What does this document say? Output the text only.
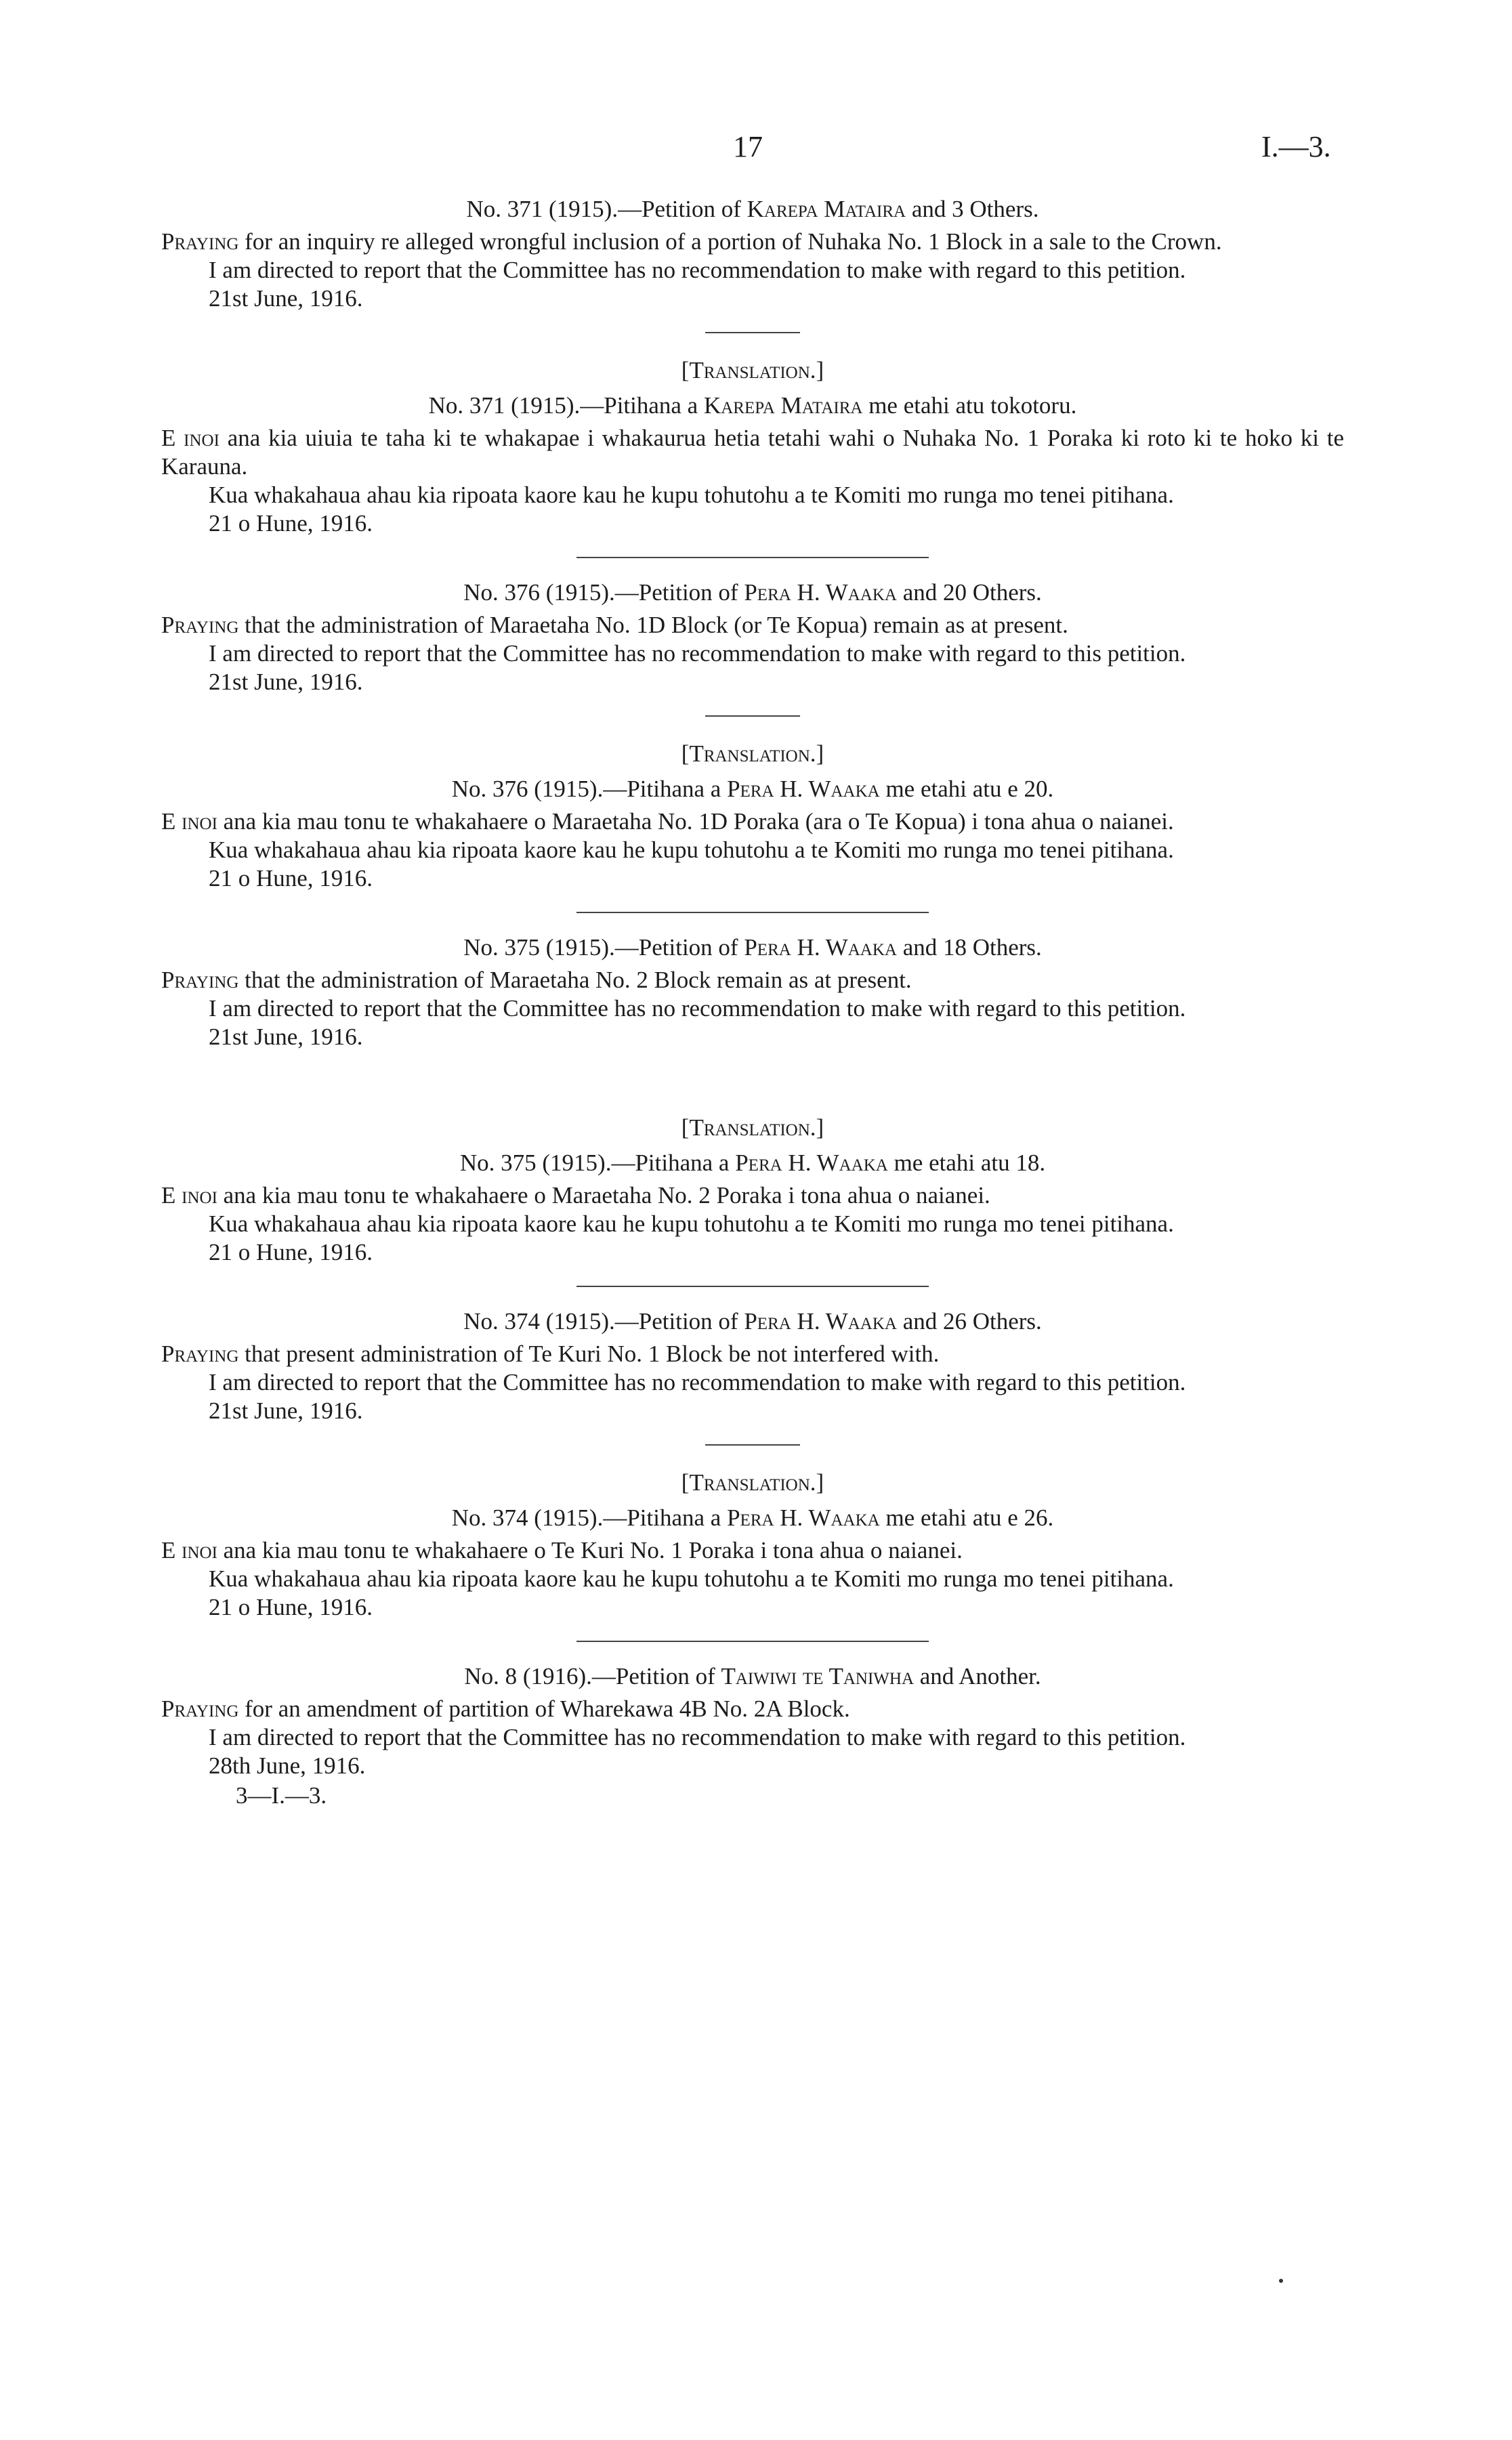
17	I.—3.
No. 371 (1915).—Petition of Karepa Mataira and 3 Others.

Praying for an inquiry re alleged wrongful inclusion of a portion of Nuhaka No. 1 Block in a sale to the Crown.

I am directed to report that the Committee has no recommendation to make with regard to this petition.

21st June, 1916.

[Translation.]
No. 371 (1915).—Pitihana a Karepa Mataira me etahi atu tokotoru.

E inoi ana kia uiuia te taha ki te whakapae i whakaurua hetia tetahi wahi o Nuhaka No. 1 Poraka ki roto ki te hoko ki te Karauna.

Kua whakahaua ahau kia ripoata kaore kau he kupu tohutohu a te Komiti mo runga mo tenei pitihana.

21 o Hune, 1916.

No. 376 (1915).—Petition of Pera H. Waaka and 20 Others.

Praying that the administration of Maraetaha No. 1D Block (or Te Kopua) remain as at present.

I am directed to report that the Committee has no recommendation to make with regard to this petition.

21st June, 1916.

[Translation.]
No. 376 (1915).—Pitihana a Pera H. Waaka me etahi atu e 20.

E inoi ana kia mau tonu te whakahaere o Maraetaha No. 1D Poraka (ara o Te Kopua) i tona ahua o naianei.

Kua whakahaua ahau kia ripoata kaore kau he kupu tohutohu a te Komiti mo runga mo tenei pitihana.

21 o Hune, 1916.

No. 375 (1915).—Petition of Pera H. Waaka and 18 Others.

Praying that the administration of Maraetaha No. 2 Block remain as at present.

I am directed to report that the Committee has no recommendation to make with regard to this petition.

21st June, 1916.

[Translation.]
No. 375 (1915).—Pitihana a Pera H. Waaka me etahi atu 18.

E inoi ana kia mau tonu te whakahaere o Maraetaha No. 2 Poraka i tona ahua o naianei.

Kua whakahaua ahau kia ripoata kaore kau he kupu tohutohu a te Komiti mo runga mo tenei pitihana.

21 o Hune, 1916.

No. 374 (1915).—Petition of Pera H. Waaka and 26 Others.

Praying that present administration of Te Kuri No. 1 Block be not interfered with.

I am directed to report that the Committee has no recommendation to make with regard to this petition.

21st June, 1916.

[Translation.]
No. 374 (1915).—Pitihana a Pera H. Waaka me etahi atu e 26.

E inoi ana kia mau tonu te whakahaere o Te Kuri No. 1 Poraka i tona ahua o naianei.

Kua whakahaua ahau kia ripoata kaore kau he kupu tohutohu a te Komiti mo runga mo tenei pitihana.

21 o Hune, 1916.

No. 8 (1916).—Petition of Taiwiwi te Taniwha and Another.

Praying for an amendment of partition of Wharekawa 4B No. 2A Block.

I am directed to report that the Committee has no recommendation to make with regard to this petition.

28th June, 1916.

3—I.—3.
